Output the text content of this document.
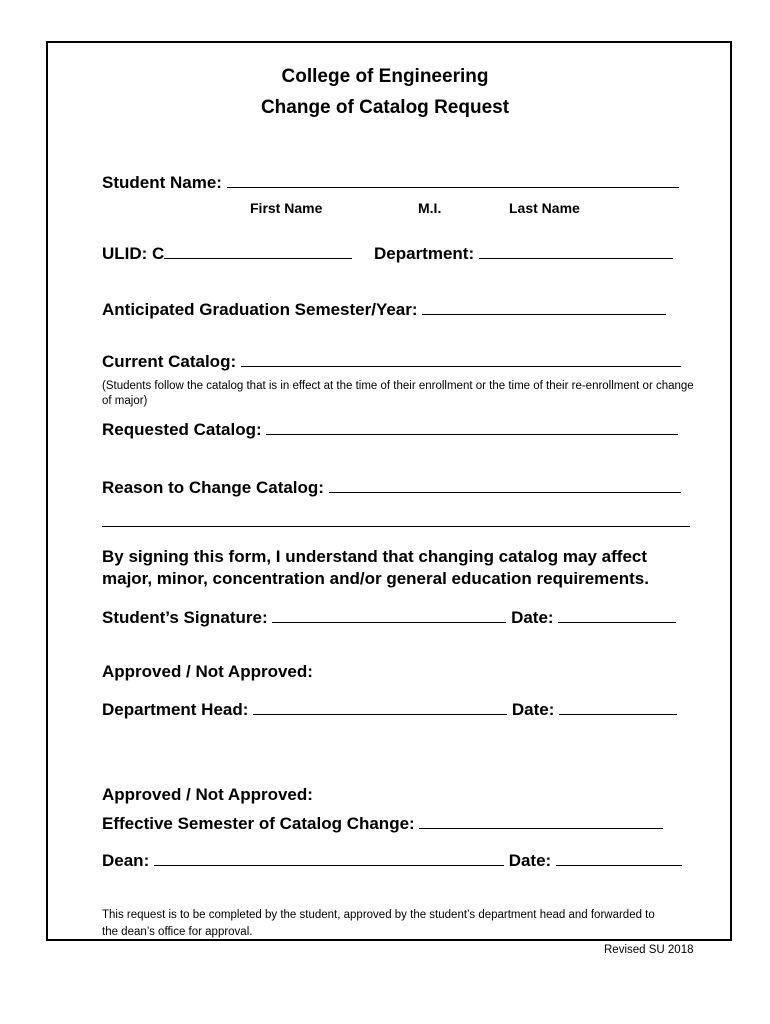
College of Engineering
Change of Catalog Request
Student Name:
First Name	M.I.	Last Name
ULID: C	Department:
Anticipated Graduation Semester/Year:
Current Catalog:
(Students follow the catalog that is in effect at the time of their enrollment or the time of their re-enrollment or change of major)
Requested Catalog:
Reason to Change Catalog:
By signing this form, I understand that changing catalog may affect
major, minor, concentration and/or general education requirements.
Student’s Signature:	Date:
Approved / Not Approved:
Department Head:	Date:
Approved / Not Approved:
Effective Semester of Catalog Change:
Dean:	Date:
This request is to be completed by the student, approved by the student’s department head and forwarded to the dean’s office for approval.
Revised SU 2018
